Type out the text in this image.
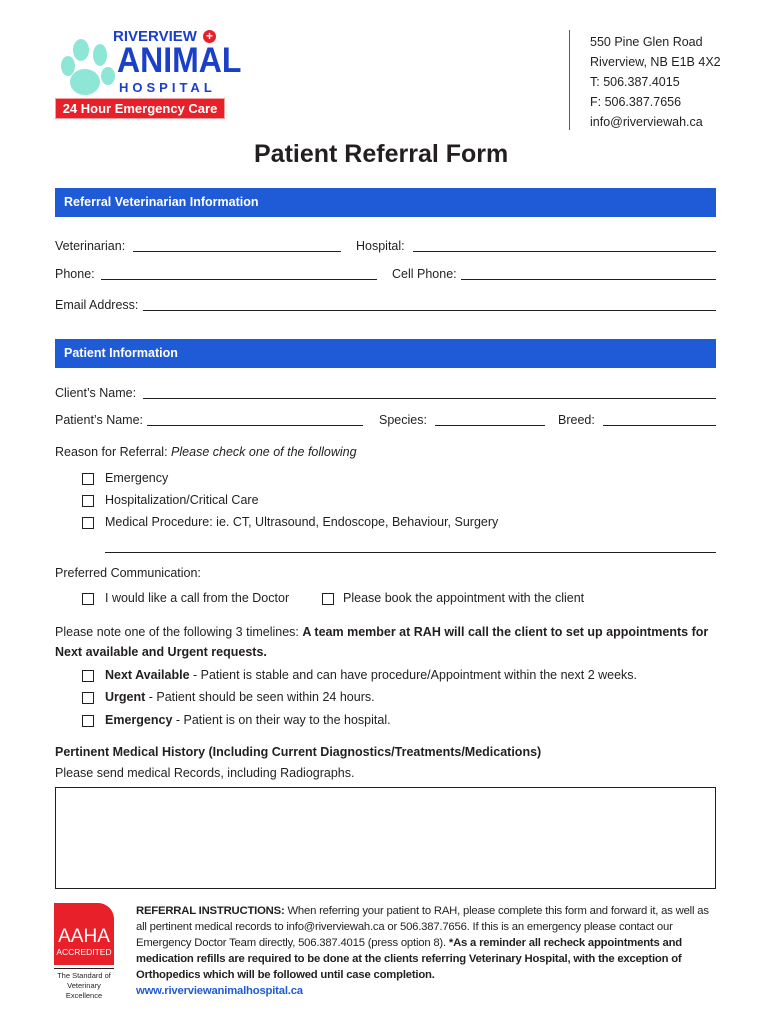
RIVERVIEW +
ANIMAL
HOSPITAL
24 Hour Emergency Care
550 Pine Glen Road
Riverview, NB E1B 4X2
T: 506.387.4015
F: 506.387.7656
info@riverviewah.ca
Patient Referral Form
Referral Veterinarian Information
Veterinarian:	Hospital:
Phone:	Cell Phone:
Email Address:
Patient Information
Client’s Name:
Patient’s Name:	Species:	Breed:
Reason for Referral: Please check one of the following
Emergency
Hospitalization/Critical Care
Medical Procedure: ie. CT, Ultrasound, Endoscope, Behaviour, Surgery
Preferred Communication:
I would like a call from the Doctor	Please book the appointment with the client
Please note one of the following 3 timelines: A team member at RAH will call the client to set up appointments for Next available and Urgent requests.
Next Available - Patient is stable and can have procedure/Appointment within the next 2 weeks.
Urgent - Patient should be seen within 24 hours.
Emergency - Patient is on their way to the hospital.
Pertinent Medical History (Including Current Diagnostics/Treatments/Medications)
Please send medical Records, including Radiographs.
AAHA
ACCREDITED
The Standard of Veterinary Excellence
REFERRAL INSTRUCTIONS: When referring your patient to RAH, please complete this form and forward it, as well as all pertinent medical records to info@riverviewah.ca or 506.387.7656. If this is an emergency please contact our Emergency Doctor Team directly, 506.387.4015 (press option 8). *As a reminder all recheck appointments and medication refills are required to be done at the clients referring Veterinary Hospital, with the exception of Orthopedics which will be followed until case completion.
www.riverviewanimalhospital.ca
